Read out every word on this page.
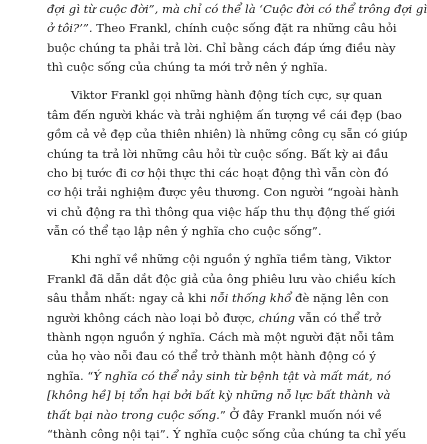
đợi gì từ cuộc đời”, mà chỉ có thể là ‘Cuộc đời có thể trông đợi gì
ở tôi?’”. Theo Frankl, chính cuộc sống đặt ra những câu hỏi
buộc chúng ta phải trả lời. Chỉ bằng cách đáp ứng điều này
thì cuộc sống của chúng ta mới trở nên ý nghĩa.
Viktor Frankl gọi những hành động tích cực, sự quan
tâm đến người khác và trải nghiệm ấn tượng về cái đẹp (bao
gồm cả vẻ đẹp của thiên nhiên) là những công cụ sẵn có giúp
chúng ta trả lời những câu hỏi từ cuộc sống. Bất kỳ ai đầu
cho bị tước đi cơ hội thực thi các hoạt động thì vẫn còn đó
cơ hội trải nghiệm được yêu thương. Con người “ngoài hành
vi chủ động ra thì thông qua việc hấp thu thụ động thế giới
vẫn có thể tạo lập nên ý nghĩa cho cuộc sống”.
Khi nghĩ về những cội nguồn ý nghĩa tiềm tàng, Viktor
Frankl đã dẫn dắt độc giả của ông phiêu lưu vào chiều kích
sâu thẳm nhất: ngay cả khi nỗi thống khổ đè nặng lên con
người không cách nào loại bỏ được, chúng vẫn có thể trở
thành ngọn nguồn ý nghĩa. Cách mà một người đặt nỗi tâm
của họ vào nỗi đau có thể trở thành một hành động có ý
nghĩa. “Ý nghĩa có thể nảy sinh từ bệnh tật và mất mát, nó
[không hề] bị tổn hại bởi bất kỳ những nỗ lực bất thành và
thất bại nào trong cuộc sống.” Ở đây Frankl muốn nói về
“thành công nội tại”. Ý nghĩa cuộc sống của chúng ta chỉ yếu
